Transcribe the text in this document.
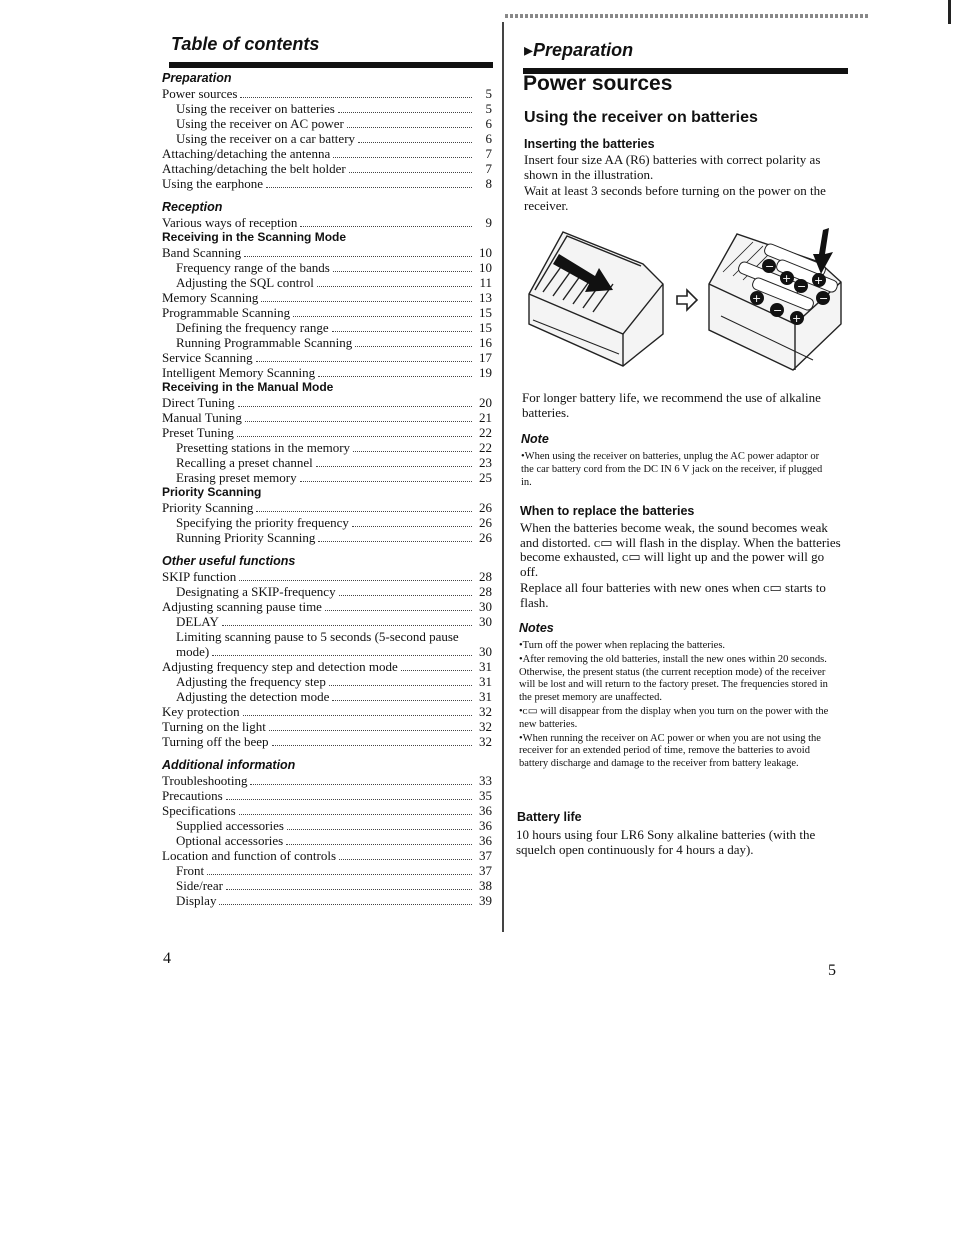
Table of contents
Preparation
Power sources	5
Using the receiver on batteries	5
Using the receiver on AC power	6
Using the receiver on a car battery	6
Attaching/detaching the antenna	7
Attaching/detaching the belt holder	7
Using the earphone	8
Reception
Various ways of reception	9
Receiving in the Scanning Mode
Band Scanning	10
Frequency range of the bands	10
Adjusting the SQL control	11
Memory Scanning	13
Programmable Scanning	15
Defining the frequency range	15
Running Programmable Scanning	16
Service Scanning	17
Intelligent Memory Scanning	19
Receiving in the Manual Mode
Direct Tuning	20
Manual Tuning	21
Preset Tuning	22
Presetting stations in the memory	22
Recalling a preset channel	23
Erasing preset memory	25
Priority Scanning
Priority Scanning	26
Specifying the priority frequency	26
Running Priority Scanning	26
Other useful functions
SKIP function	28
Designating a SKIP-frequency	28
Adjusting scanning pause time	30
DELAY	30
Limiting scanning pause to 5 seconds (5-second pause
mode)	30
Adjusting frequency step and detection mode	31
Adjusting the frequency step	31
Adjusting the detection mode	31
Key protection	32
Turning on the light	32
Turning off the beep	32
Additional information
Troubleshooting	33
Precautions	35
Specifications	36
Supplied accessories	36
Optional accessories	36
Location and function of controls	37
Front	37
Side/rear	38
Display	39
4
▸Preparation
Power sources
Using the receiver on batteries
Inserting the batteries
Insert four size AA (R6) batteries with correct polarity as shown in the illustration.
Wait at least 3 seconds before turning on the power on the receiver.
−
+
−
+
−
+
+
−
For longer battery life, we recommend the use of alkaline batteries.
Note
•When using the receiver on batteries, unplug the AC power adaptor or the car battery cord from the DC IN 6 V jack on the receiver, if plugged in.
When to replace the batteries
When the batteries become weak, the sound becomes weak and distorted. ᴄ▭ will flash in the display. When the batteries become exhausted, ᴄ▭ will light up and the power will go off.
Replace all four batteries with new ones when ᴄ▭ starts to flash.
Notes

•Turn off the power when replacing the batteries.

•After removing the old batteries, install the new ones within 20 seconds. Otherwise, the present status (the current reception mode) of the receiver will be lost and will return to the factory preset. The frequencies stored in the preset memory are unaffected.

•ᴄ▭ will disappear from the display when you turn on the power with the new batteries.

•When running the receiver on AC power or when you are not using the receiver for an extended period of time, remove the batteries to avoid battery discharge and damage to the receiver from battery leakage.

Battery life
10 hours using four LR6 Sony alkaline batteries (with the squelch open continuously for 4 hours a day).
5
